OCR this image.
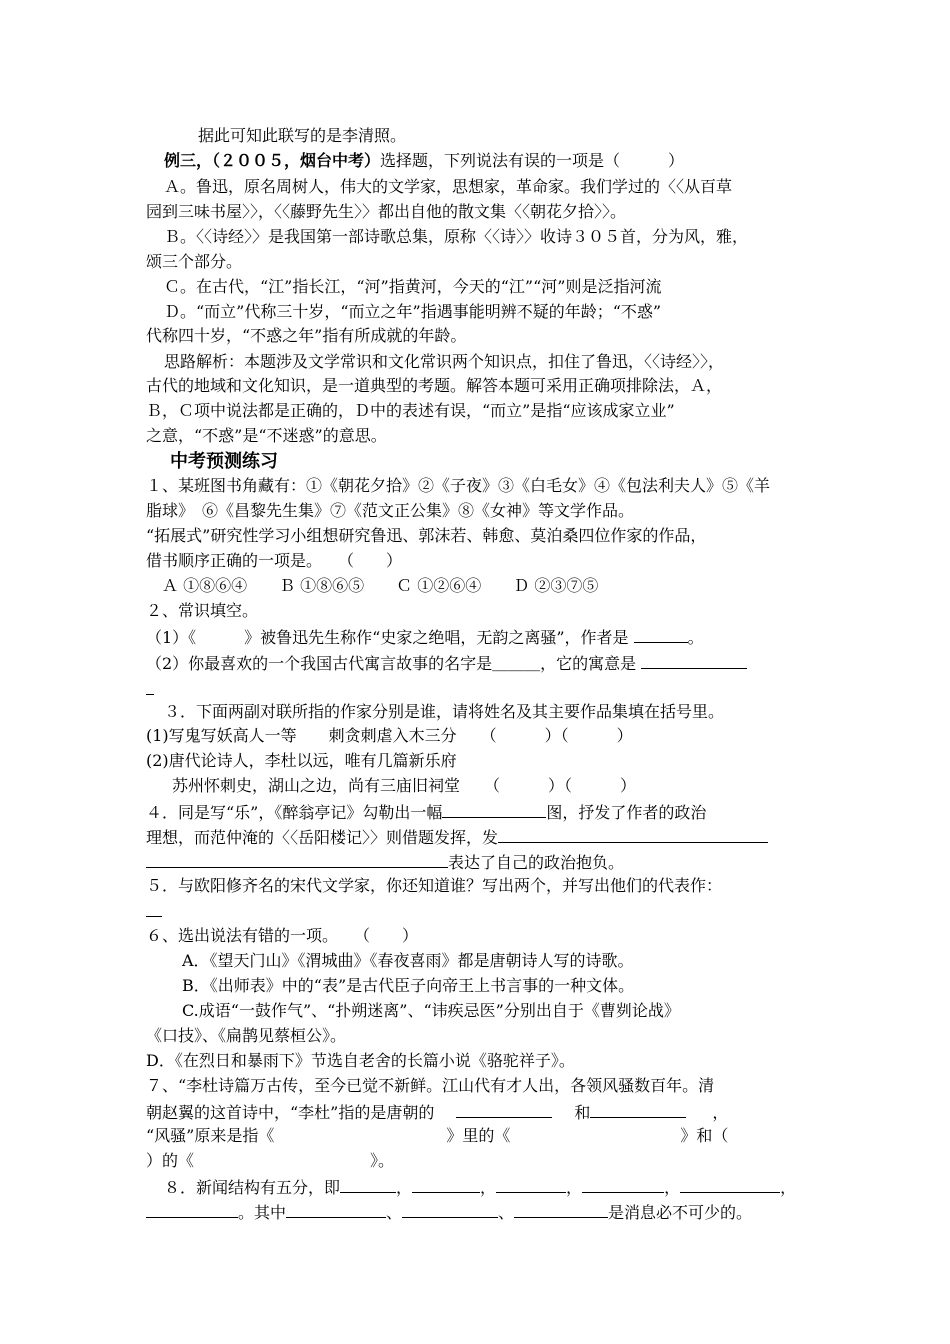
据此可知此联写的是李清照。
例三，（２００５，烟台中考）选择题，下列说法有误的一项是（　　　）
Ａ。鲁迅，原名周树人，伟大的文学家，思想家，革命家。我们学过的〈〈从百草
园到三味书屋〉〉，〈〈藤野先生〉〉都出自他的散文集〈〈朝花夕拾〉〉。
Ｂ。〈〈诗经〉〉是我国第一部诗歌总集，原称〈〈诗〉〉收诗３０５首，分为风，雅，
颂三个部分。
Ｃ。在古代，“江”指长江，“河”指黄河，今天的“江”“河”则是泛指河流
Ｄ。“而立”代称三十岁，“而立之年”指遇事能明辨不疑的年龄；“不惑”
代称四十岁，“不惑之年”指有所成就的年龄。
思路解析：本题涉及文学常识和文化常识两个知识点，扣住了鲁迅，〈〈诗经〉〉，
古代的地域和文化知识，是一道典型的考题。解答本题可采用正确项排除法，Ａ，
Ｂ，Ｃ项中说法都是正确的，Ｄ中的表述有误，“而立”是指“应该成家立业”
之意，“不惑”是“不迷惑”的意思。
中考预测练习
１、某班图书角藏有：①《朝花夕拾》②《子夜》③《白毛女》④《包法利夫人》⑤《羊
脂球》　⑥《昌黎先生集》⑦《范文正公集》⑧《女神》等文学作品。
“拓展式”研究性学习小组想研究鲁迅、郭沫若、韩愈、莫泊桑四位作家的作品，
借书顺序正确的一项是。　　（　　）
Ａ ①⑧⑥④　　Ｂ ①⑧⑥⑤　　Ｃ ①②⑥④　　Ｄ ②③⑦⑤
２、常识填空。
（1）《　　　》被鲁迅先生称作“史家之绝唱，无韵之离骚”，作者是	。
（2）你最喜欢的一个我国古代寓言故事的名字是＿＿＿，它的寓意是
３．下面两副对联所指的作家分别是谁，请将姓名及其主要作品集填在括号里。
(1)写鬼写妖高人一等　　刺贪刺虐入木三分　　（　　　）（　　　）
(2)唐代论诗人，李杜以远，唯有几篇新乐府
苏州怀刺史，湖山之边，尚有三庙旧祠堂　　（　　　）（　　　）
４．同是写“乐”，《醉翁亭记》勾勒出一幅	图，抒发了作者的政治
理想，而范仲淹的〈〈岳阳楼记〉〉则借题发挥，发
表达了自己的政治抱负。
５．与欧阳修齐名的宋代文学家，你还知道谁？写出两个，并写出他们的代表作：
６、选出说法有错的一项。　　（　　）
A．《望天门山》《渭城曲》《春夜喜雨》都是唐朝诗人写的诗歌。
B．《出师表》中的“表”是古代臣子向帝王上书言事的一种文体。
C.成语“一鼓作气”、“扑朔迷离”、“讳疾忌医”分别出自于《曹刿论战》
《口技》、《扁鹊见蔡桓公》。
D．《在烈日和暴雨下》节选自老舍的长篇小说《骆驼祥子》。
７、“李杜诗篇万古传，至今已觉不新鲜。江山代有才人出，各领风骚数百年。清
朝赵翼的这首诗中，“李杜”指的是唐朝的	和	，
“风骚”原来是指《	》里的《	》和（
）的《	》。
８．新闻结构有五分，即	，	，	，	，	，
。其中	、	、	是消息必不可少的。
